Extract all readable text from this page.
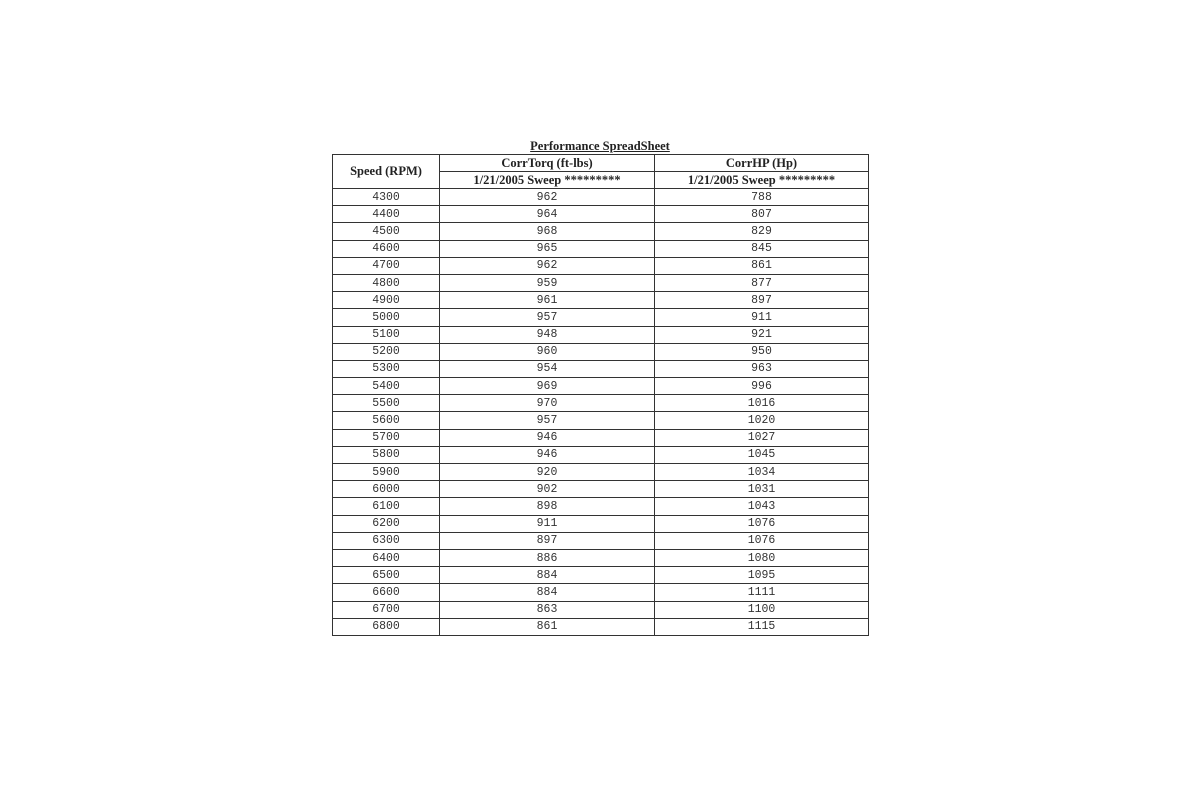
Performance SpreadSheet
Speed (RPM)	CorrTorq (ft-lbs)	CorrHP (Hp)
	1/21/2005 Sweep *********	1/21/2005 Sweep *********
4300	962	788
4400	964	807
4500	968	829
4600	965	845
4700	962	861
4800	959	877
4900	961	897
5000	957	911
5100	948	921
5200	960	950
5300	954	963
5400	969	996
5500	970	1016
5600	957	1020
5700	946	1027
5800	946	1045
5900	920	1034
6000	902	1031
6100	898	1043
6200	911	1076
6300	897	1076
6400	886	1080
6500	884	1095
6600	884	1111
6700	863	1100
6800	861	1115
